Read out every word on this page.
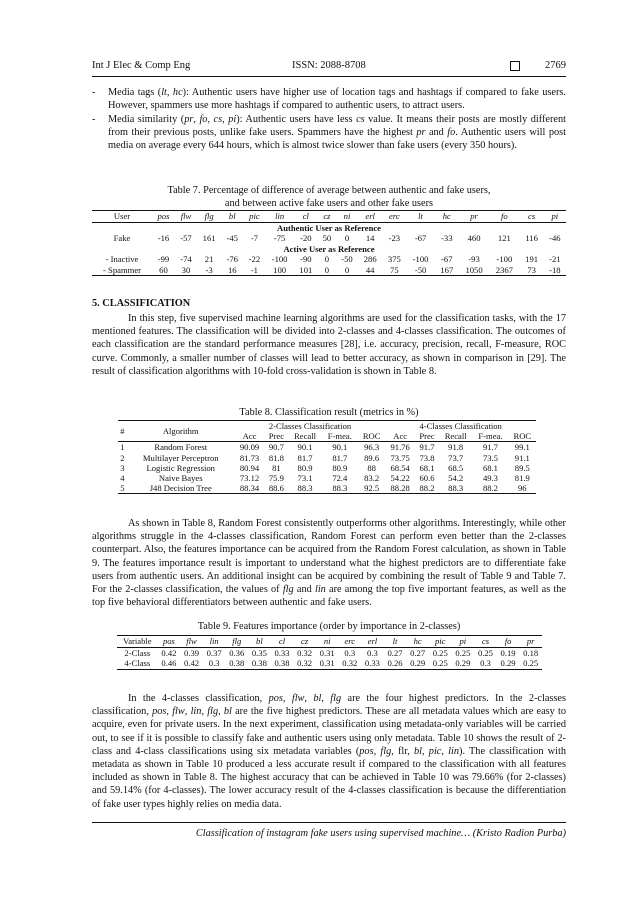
Int J Elec & Comp Eng	ISSN: 2088-8708	2769
- Media tags (lt, hc): Authentic users have higher use of location tags and hashtags if compared to fake users. However, spammers use more hashtags if compared to authentic users, to attract users.
- Media similarity (pr, fo, cs, pi): Authentic users have less cs value. It means their posts are mostly different from their previous posts, unlike fake users. Spammers have the highest pr and fo. Authentic users will post media on average every 644 hours, which is almost twice slower than fake users (every 350 hours).
Table 7. Percentage of difference of average between authentic and fake users,
and between active fake users and other fake users
User	pos	flw	flg	bl	pic	lin	cl	cz	ni	erl	erc	lt	hc	pr	fo	cs	pi
Authentic User as Reference																	
Fake	-16	-57	161	-45	-7	-75	-20	50	0	14	-23	-67	-33	460	121	116	-46
Active User as Reference																	
- Inactive	-99	-74	21	-76	-22	-100	-90	0	-50	286	375	-100	-67	-93	-100	191	-21
- Spammer	60	30	-3	16	-1	100	101	0	0	44	75	-50	167	1050	2367	73	-18
5. CLASSIFICATION
In this step, five supervised machine learning algorithms are used for the classification tasks, with the 17 mentioned features. The classification will be divided into 2-classes and 4-classes classification. The outcomes of each classification are the standard performance measures [28], i.e. accuracy, precision, recall, F-measure, ROC curve. Commonly, a smaller number of classes will lead to better accuracy, as shown in comparison in [29]. The result of classification algorithms with 10-fold cross-validation is shown in Table 8.
Table 8. Classification result (metrics in %)
#	Algorithm	2-Classes Classification					4-Classes Classification				
		Acc	Prec	Recall	F-mea.	ROC	Acc	Prec	Recall	F-mea.	ROC
1	Random Forest	90.09	90.7	90.1	90.1	96.3	91.76	91.7	91.8	91.7	99.1
2	Multilayer Perceptron	81.73	81.8	81.7	81.7	89.6	73.75	73.8	73.7	73.5	91.1
3	Logistic Regression	80.94	81	80.9	80.9	88	68.54	68.1	68.5	68.1	89.5
4	Naive Bayes	73.12	75.9	73.1	72.4	83.2	54.22	60.6	54.2	49.3	81.9
5	J48 Decision Tree	88.34	88.6	88.3	88.3	92.5	88.28	88.2	88.3	88.2	96
As shown in Table 8, Random Forest consistently outperforms other algorithms. Interestingly, while other algorithms struggle in the 4-classes classification, Random Forest can perform even better than the 2-classes counterpart. Also, the features importance can be acquired from the Random Forest calculation, as shown in Table 9. The features importance result is important to understand what the highest predictors are to differentiate fake users from authentic users. An additional insight can be acquired by combining the result of Table 9 and Table 7. For the 2-classes classification, the values of flg and lin are among the top five important features, as well as the top five behavioral differentiators between authentic and fake users.
Table 9. Features importance (order by importance in 2-classes)
Variable	pos	flw	lin	flg	bl	cl	cz	ni	erc	erl	lt	hc	pic	pi	cs	fo	pr
2-Class	0.42	0.39	0.37	0.36	0.35	0.33	0.32	0.31	0.3	0.3	0.27	0.27	0.25	0.25	0.25	0.19	0.18
4-Class	0.46	0.42	0.3	0.38	0.38	0.38	0.32	0.31	0.32	0.33	0.26	0.29	0.25	0.29	0.3	0.29	0.25
In the 4-classes classification, pos, flw, bl, flg are the four highest predictors. In the 2-classes classification, pos, flw, lin, flg, bl are the five highest predictors. These are all metadata values which are easy to acquire, even for private users. In the next experiment, classification using metadata-only variables will be carried out, to see if it is possible to classify fake and authentic users using only metadata. Table 10 shows the result of 2-class and 4-class classifications using six metadata variables (pos, flg, flr, bl, pic, lin). The classification with metadata as shown in Table 10 produced a less accurate result if compared to the classification with all features included as shown in Table 8. The highest accuracy that can be achieved in Table 10 was 79.66% (for 2-classes) and 59.14% (for 4-classes). The lower accuracy result of the 4-classes classification is because the differentiation of fake user types highly relies on media data.
Classification of instagram fake users using supervised machine… (Kristo Radion Purba)
